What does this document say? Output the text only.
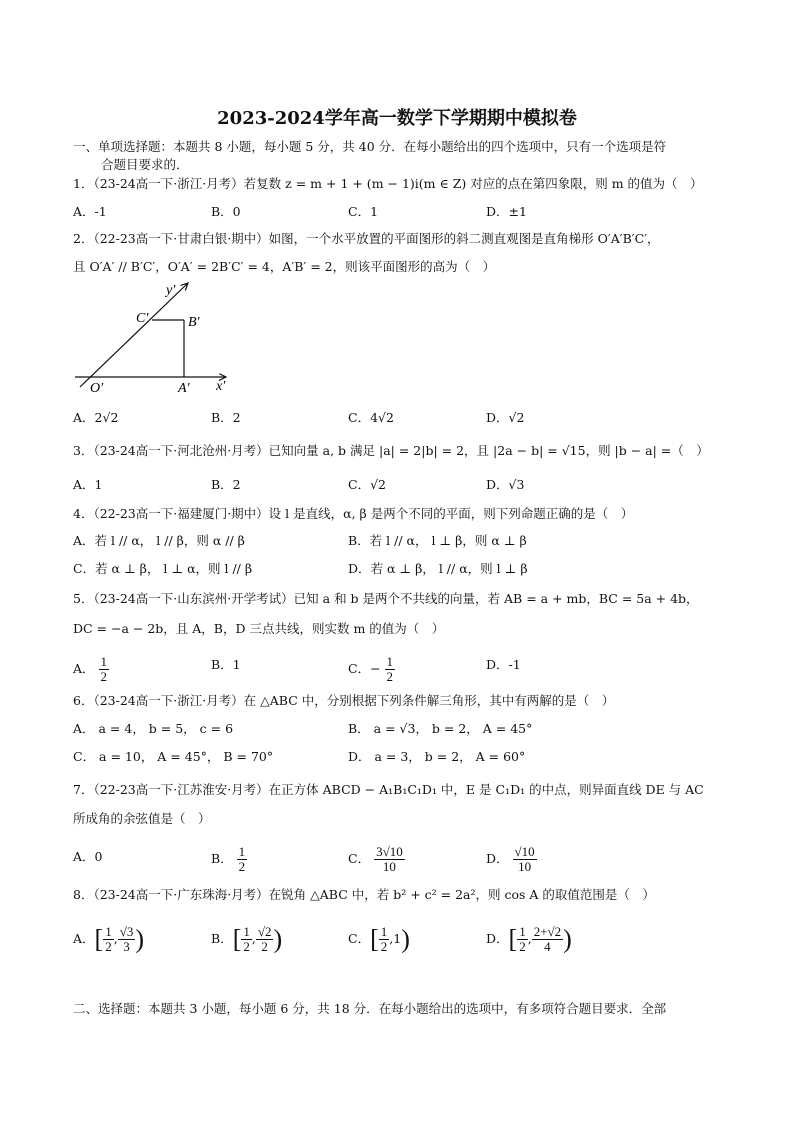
2023-2024学年高一数学下学期期中模拟卷
一、单项选择题：本题共 8 小题，每小题 5 分，共 40 分．在每小题给出的四个选项中，只有一个选项是符
合题目要求的．
1．（23-24高一下·浙江·月考）若复数 z = m + 1 + (m − 1)i(m ∈ Z) 对应的点在第四象限，则 m 的值为（　）
A．-1	B．0	C．1	D．±1
2．（22-23高一下·甘肃白银·期中）如图，一个水平放置的平面图形的斜二测直观图是直角梯形 O′A′B′C′，
且 O′A′ // B′C′，O′A′ = 2B′C′ = 4，A′B′ = 2，则该平面图形的高为（　）
y′
x′
O′	A′
B′
C′
A．2√2	B．2	C．4√2	D．√2
3．（23-24高一下·河北沧州·月考）已知向量 a, b 满足 |a| = 2|b| = 2，且 |2a − b| = √15，则 |b − a| =（　）
A．1	B．2	C．√2	D．√3
4．（22-23高一下·福建厦门·期中）设 l 是直线，α, β 是两个不同的平面，则下列命题正确的是（　）
A．若 l // α， l // β，则 α // β	B．若 l // α， l ⊥ β，则 α ⊥ β
C．若 α ⊥ β， l ⊥ α，则 l // β	D．若 α ⊥ β， l // α，则 l ⊥ β
5．（23-24高一下·山东滨州·开学考试）已知 a 和 b 是两个不共线的向量，若 AB = a + mb，BC = 5a + 4b，
DC = −a − 2b，且 A，B，D 三点共线，则实数 m 的值为（　）
A． $\frac{1}{2}$	B．1	C．− $\frac{1}{2}$	D．-1
6．（23-24高一下·浙江·月考）在 △ABC 中，分别根据下列条件解三角形，其中有两解的是（　）
A． a = 4， b = 5， c = 6	B． a = √3， b = 2， A = 45°
C． a = 10， A = 45°， B = 70°	D． a = 3， b = 2， A = 60°
7．（22-23高一下·江苏淮安·月考）在正方体 ABCD − A₁B₁C₁D₁ 中，E 是 C₁D₁ 的中点，则异面直线 DE 与 AC
所成角的余弦值是（　）
A．0	B． $\frac{1}{2}$	C． $\frac{3√10}{10}$	D． $\frac{√10}{10}$
8．（23-24高一下·广东珠海·月考）在锐角 △ABC 中，若 b² + c² = 2a²，则 cos A 的取值范围是（　）
A．[ $\frac{1}{2}$ , $\frac{√3}{3}$ )	B．[ $\frac{1}{2}$ , $\frac{√2}{2}$ )	C．[ $\frac{1}{2} ,1$)	D．[ $\frac{1}{2}$ , $\frac{2+√2}{4}$ )
二、选择题：本题共 3 小题，每小题 6 分，共 18 分．在每小题给出的选项中，有多项符合题目要求．全部
